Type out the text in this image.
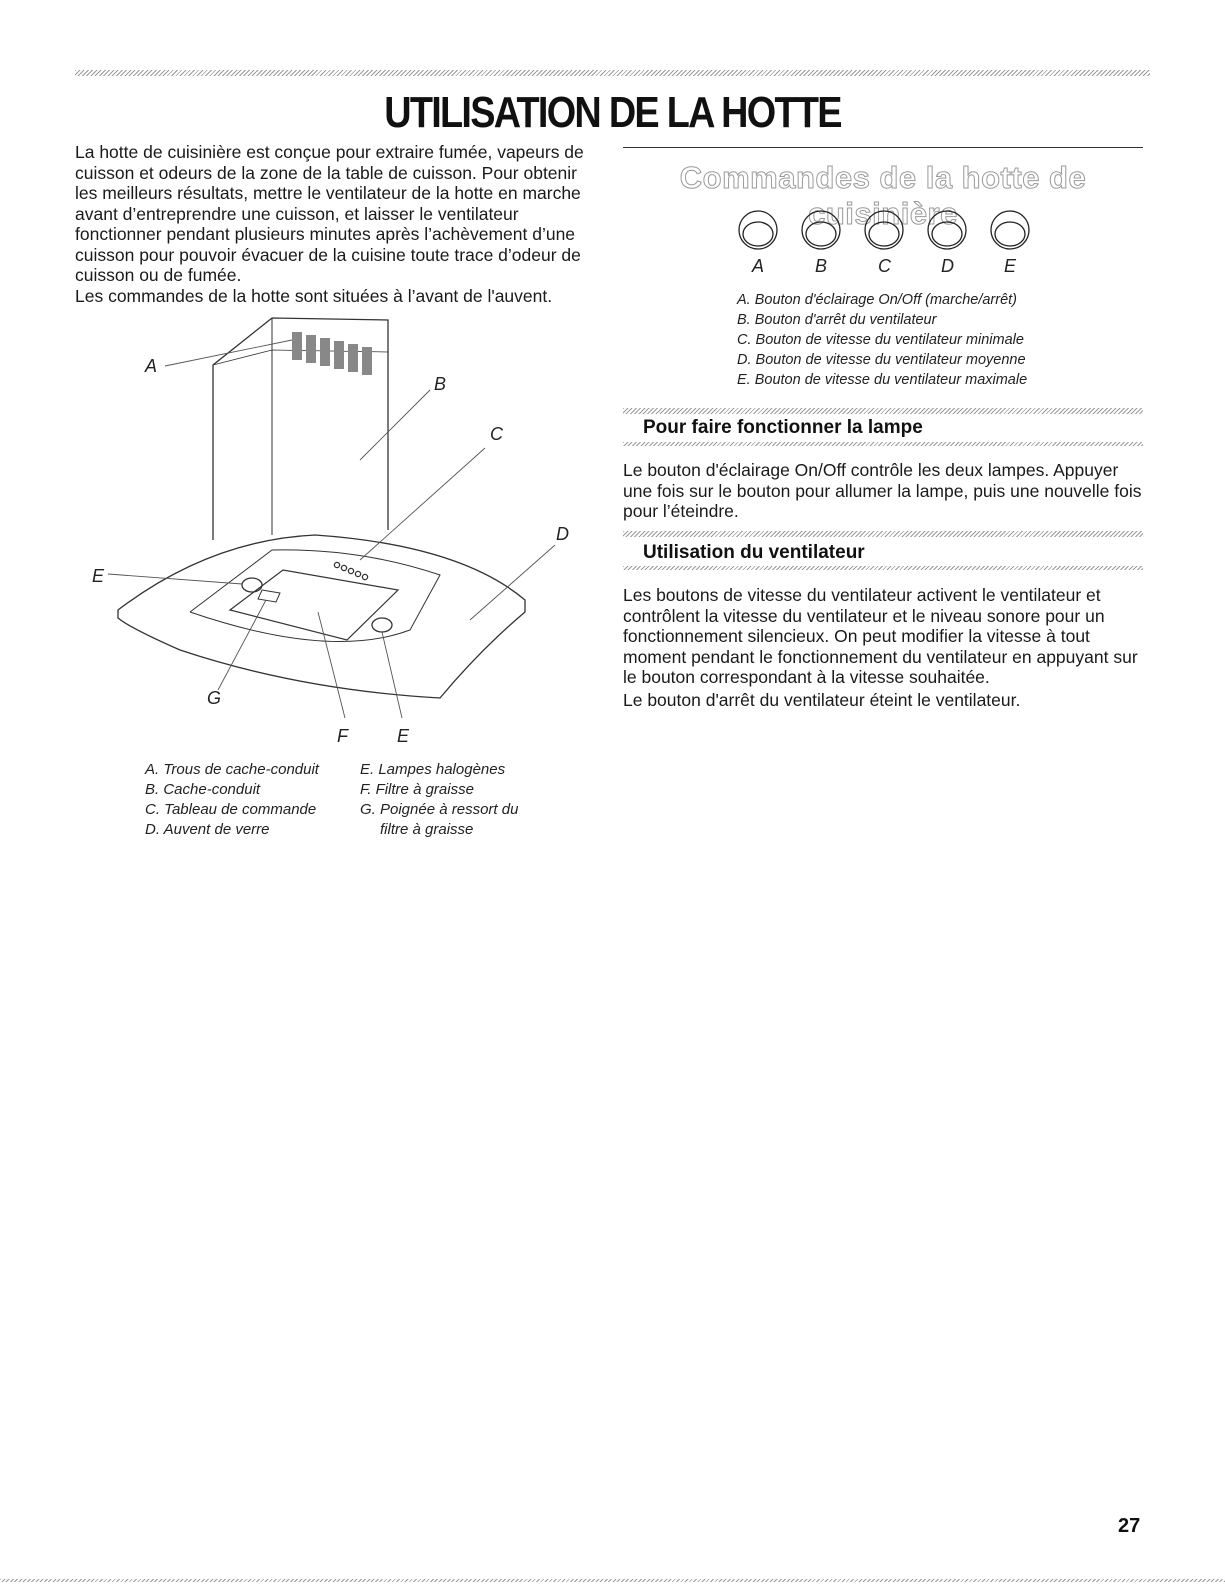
UTILISATION DE LA HOTTE

La hotte de cuisinière est conçue pour extraire fumée, vapeurs de cuisson et odeurs de la zone de la table de cuisson. Pour obtenir les meilleurs résultats, mettre le ventilateur de la hotte en marche avant d’entreprendre une cuisson, et laisser le ventilateur fonctionner pendant plusieurs minutes après l’achèvement d’une cuisson pour pouvoir évacuer de la cuisine toute trace d’odeur de cuisson ou de fumée.

Les commandes de la hotte sont situées à l’avant de l'auvent.

A
B
C
D
E
G
F	E
A. Trous de cache-conduit
B. Cache-conduit
C. Tableau de commande
D. Auvent de verre
E. Lampes halogènes
F. Filtre à graisse
G. Poignée à ressort du
filtre à graisse
Commandes de la hotte de cuisinière
A	B	C	D	E
A. Bouton d'éclairage On/Off (marche/arrêt)
B. Bouton d'arrêt du ventilateur
C. Bouton de vitesse du ventilateur minimale
D. Bouton de vitesse du ventilateur moyenne
E. Bouton de vitesse du ventilateur maximale
Pour faire fonctionner la lampe

Le bouton d'éclairage On/Off contrôle les deux lampes. Appuyer une fois sur le bouton pour allumer la lampe, puis une nouvelle fois pour l’éteindre.

Utilisation du ventilateur

Les boutons de vitesse du ventilateur activent le ventilateur et contrôlent la vitesse du ventilateur et le niveau sonore pour un fonctionnement silencieux. On peut modifier la vitesse à tout moment pendant le fonctionnement du ventilateur en appuyant sur le bouton correspondant à la vitesse souhaitée.

Le bouton d'arrêt du ventilateur éteint le ventilateur.

27
